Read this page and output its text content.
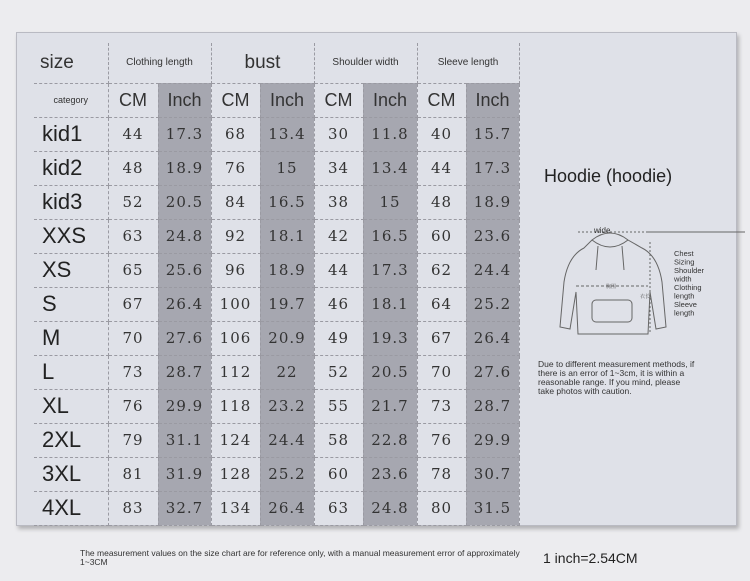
size	Clothing length		bust		Shoulder width		Sleeve length	
category	CM	Inch	CM	Inch	CM	Inch	CM	Inch
kid1	44	17.3	68	13.4	30	11.8	40	15.7
kid2	48	18.9	76	15	34	13.4	44	17.3
kid3	52	20.5	84	16.5	38	15	48	18.9
XXS	63	24.8	92	18.1	42	16.5	60	23.6
XS	65	25.6	96	18.9	44	17.3	62	24.4
S	67	26.4	100	19.7	46	18.1	64	25.2
M	70	27.6	106	20.9	49	19.3	67	26.4
L	73	28.7	112	22	52	20.5	70	27.6
XL	76	29.9	118	23.2	55	21.7	73	28.7
2XL	79	31.1	124	24.4	58	22.8	76	29.9
3XL	81	31.9	128	25.2	60	23.6	78	30.7
4XL	83	32.7	134	26.4	63	24.8	80	31.5
Hoodie (hoodie)
wide
胸围
衣长
Chest
Sizing
Shoulder
width
Clothing
length
Sleeve
length
Due to different measurement methods, if there is an error of 1~3cm, it is within a reasonable range. If you mind, please take photos with caution.
The measurement values on the size chart are for reference only, with a manual measurement error of approximately 1~3CM	1 inch=2.54CM
